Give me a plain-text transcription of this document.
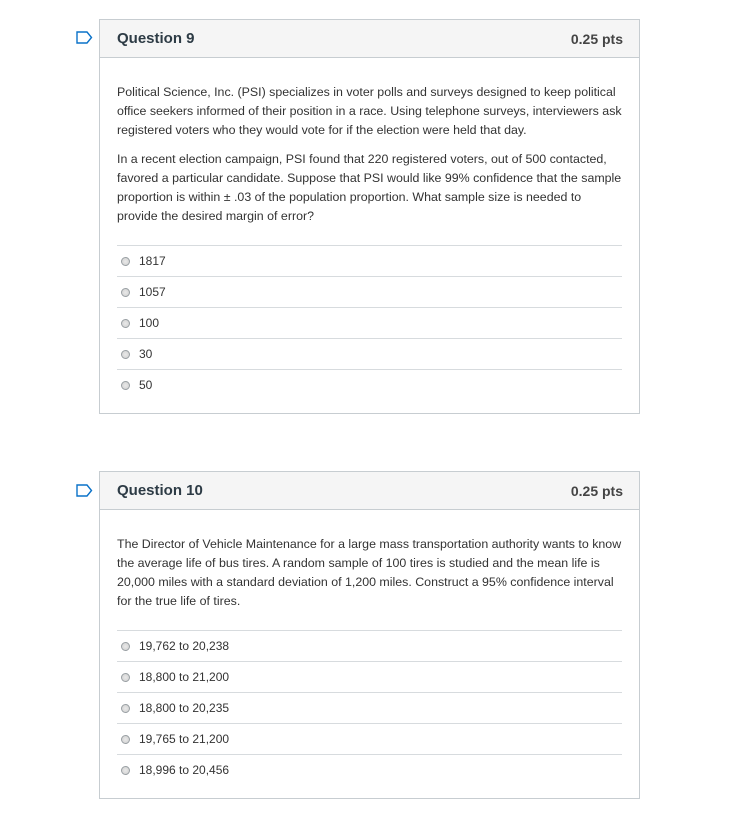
Question 9	0.25 pts

Political Science, Inc. (PSI) specializes in voter polls and surveys designed to keep political office seekers informed of their position in a race. Using telephone surveys, interviewers ask registered voters who they would vote for if the election were held that day.

In a recent election campaign, PSI found that 220 registered voters, out of 500 contacted, favored a particular candidate. Suppose that PSI would like 99% confidence that the sample proportion is within ± .03 of the population proportion. What sample size is needed to provide the desired margin of error?

1817
1057
100
30
50
Question 10	0.25 pts

The Director of Vehicle Maintenance for a large mass transportation authority wants to know the average life of bus tires. A random sample of 100 tires is studied and the mean life is 20,000 miles with a standard deviation of 1,200 miles. Construct a 95% confidence interval for the true life of tires.

19,762 to 20,238
18,800 to 21,200
18,800 to 20,235
19,765 to 21,200
18,996 to 20,456
